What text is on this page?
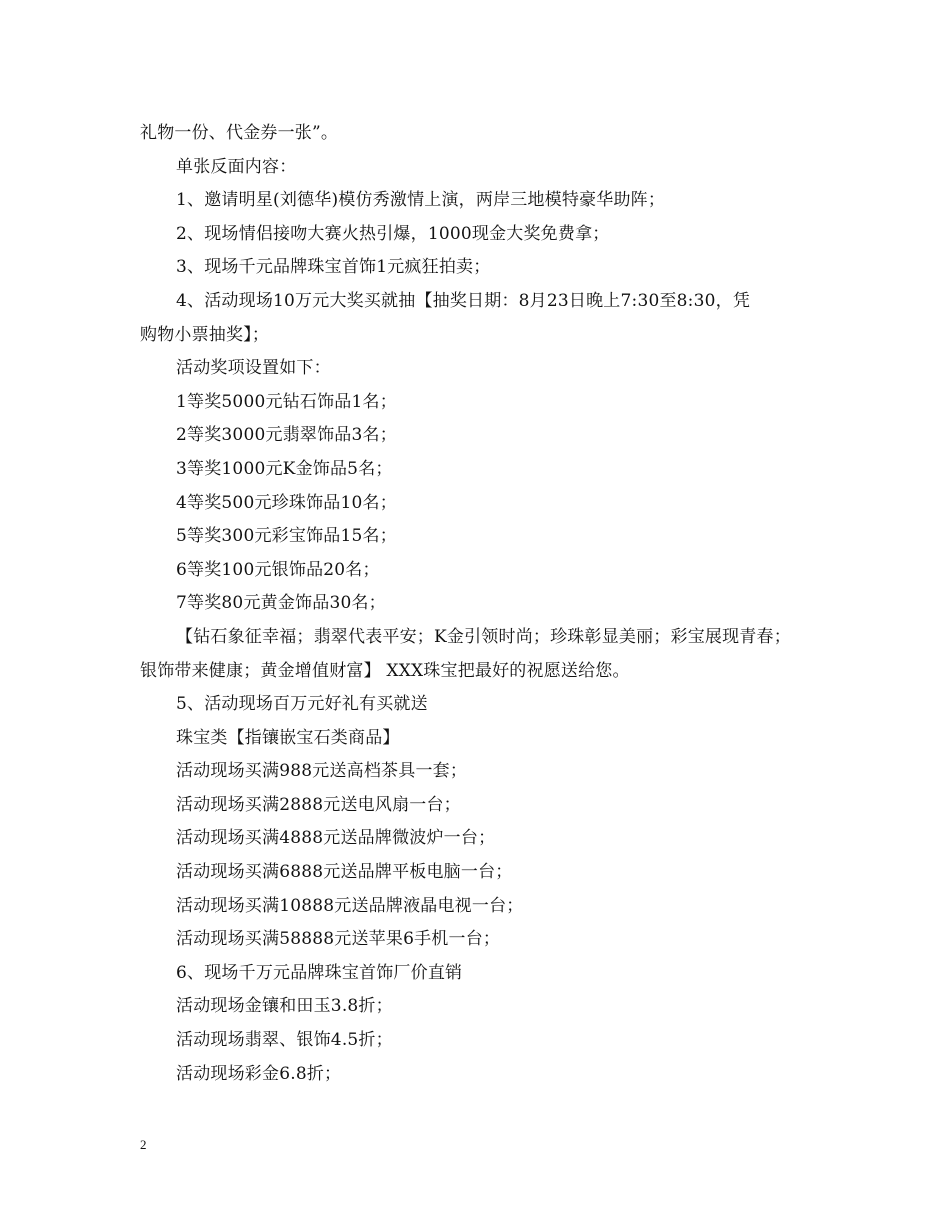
礼物一份、代金券一张”。
单张反面内容：
1、邀请明星(刘德华)模仿秀激情上演，两岸三地模特豪华助阵；
2、现场情侣接吻大赛火热引爆，1000现金大奖免费拿；
3、现场千元品牌珠宝首饰1元疯狂拍卖；
4、活动现场10万元大奖买就抽【抽奖日期：8月23日晚上7:30至8:30，凭
购物小票抽奖】；
活动奖项设置如下：
1等奖5000元钻石饰品1名；
2等奖3000元翡翠饰品3名；
3等奖1000元K金饰品5名；
4等奖500元珍珠饰品10名；
5等奖300元彩宝饰品15名；
6等奖100元银饰品20名；
7等奖80元黄金饰品30名；
【钻石象征幸福；翡翠代表平安；K金引领时尚；珍珠彰显美丽；彩宝展现青春；
银饰带来健康；黄金增值财富】 XXX珠宝把最好的祝愿送给您。
5、活动现场百万元好礼有买就送
珠宝类【指镶嵌宝石类商品】
活动现场买满988元送高档茶具一套；
活动现场买满2888元送电风扇一台；
活动现场买满4888元送品牌微波炉一台；
活动现场买满6888元送品牌平板电脑一台；
活动现场买满10888元送品牌液晶电视一台；
活动现场买满58888元送苹果6手机一台；
6、现场千万元品牌珠宝首饰厂价直销
活动现场金镶和田玉3.8折；
活动现场翡翠、银饰4.5折；
活动现场彩金6.8折；
2
